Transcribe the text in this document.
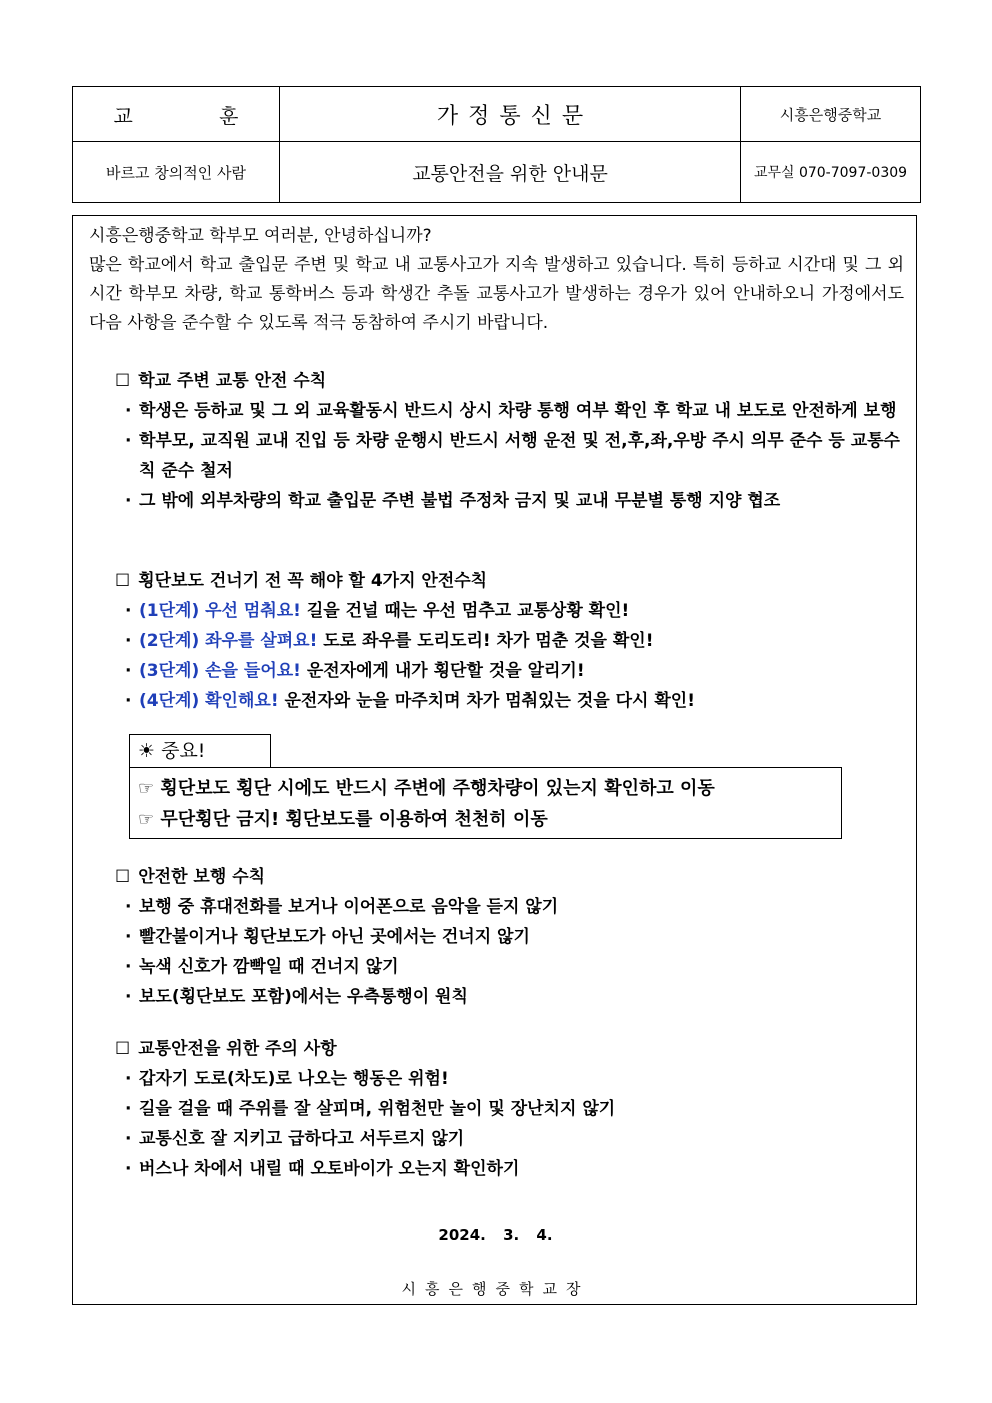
교 훈	가정통신문	시흥은행중학교
바르고 창의적인 사람	교통안전을 위한 안내문	교무실 070-7097-0309

시흥은행중학교 학부모 여러분, 안녕하십니까?

많은 학교에서 학교 출입문 주변 및 학교 내 교통사고가 지속 발생하고 있습니다. 특히 등하교 시간대 및 그 외 시간 학부모 차량, 학교 통학버스 등과 학생간 추돌 교통사고가 발생하는 경우가 있어 안내하오니 가정에서도 다음 사항을 준수할 수 있도록 적극 동참하여 주시기 바랍니다.

☐ 학교 주변 교통 안전 수칙
· 학생은 등하교 및 그 외 교육활동시 반드시 상시 차량 통행 여부 확인 후 학교 내 보도로 안전하게 보행
· 학부모, 교직원 교내 진입 등 차량 운행시 반드시 서행 운전 및 전,후,좌,우방 주시 의무 준수 등 교통수칙 준수 철저
· 그 밖에 외부차량의 학교 출입문 주변 불법 주정차 금지 및 교내 무분별 통행 지양 협조
☐ 횡단보도 건너기 전 꼭 해야 할 4가지 안전수칙
· (1단계) 우선 멈춰요! 길을 건널 때는 우선 멈추고 교통상황 확인!
· (2단계) 좌우를 살펴요! 도로 좌우를 도리도리! 차가 멈춘 것을 확인!
· (3단계) 손을 들어요! 운전자에게 내가 횡단할 것을 알리기!
· (4단계) 확인해요! 운전자와 눈을 마주치며 차가 멈춰있는 것을 다시 확인!
☀ 중요!
☞ 횡단보도 횡단 시에도 반드시 주변에 주행차량이 있는지 확인하고 이동
☞ 무단횡단 금지! 횡단보도를 이용하여 천천히 이동
☐ 안전한 보행 수칙
· 보행 중 휴대전화를 보거나 이어폰으로 음악을 듣지 않기
· 빨간불이거나 횡단보도가 아닌 곳에서는 건너지 않기
· 녹색 신호가 깜빡일 때 건너지 않기
· 보도(횡단보도 포함)에서는 우측통행이 원칙
☐ 교통안전을 위한 주의 사항
· 갑자기 도로(차도)로 나오는 행동은 위험!
· 길을 걸을 때 주위를 잘 살피며, 위험천만 놀이 및 장난치지 않기
· 교통신호 잘 지키고 급하다고 서두르지 않기
· 버스나 차에서 내릴 때 오토바이가 오는지 확인하기
2024. 3. 4.
시흥은행중학교장
